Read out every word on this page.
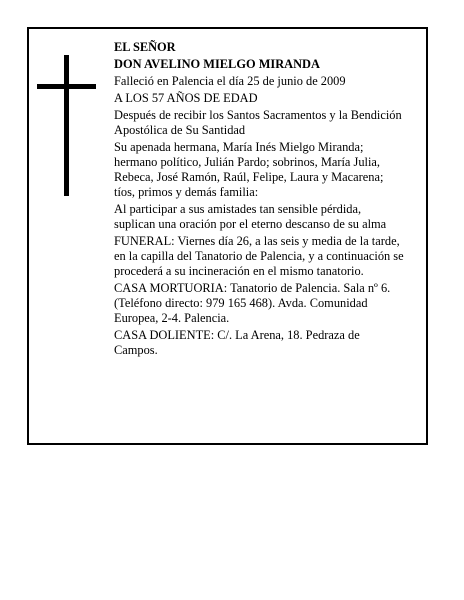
EL SEÑOR

DON AVELINO MIELGO MIRANDA

Falleció en Palencia el día 25 de junio de 2009

A LOS 57 AÑOS DE EDAD

Después de recibir los Santos Sacramentos y la Bendición Apostólica de Su Santidad

Su apenada hermana, María Inés Mielgo Miranda; hermano político, Julián Pardo; sobrinos, María Julia, Rebeca, José Ramón, Raúl, Felipe, Laura y Macarena; tíos, primos y demás familia:

Al participar a sus amistades tan sensible pérdida, suplican una oración por el eterno descanso de su alma

FUNERAL: Viernes día 26, a las seis y media de la tarde, en la capilla del Tanatorio de Palencia, y a continuación se procederá a su incineración en el mismo tanatorio.

CASA MORTUORIA: Tanatorio de Palencia. Sala nº 6. (Teléfono directo: 979 165 468). Avda. Comunidad Europea, 2-4. Palencia.

CASA DOLIENTE: C/. La Arena, 18. Pedraza de Campos.
